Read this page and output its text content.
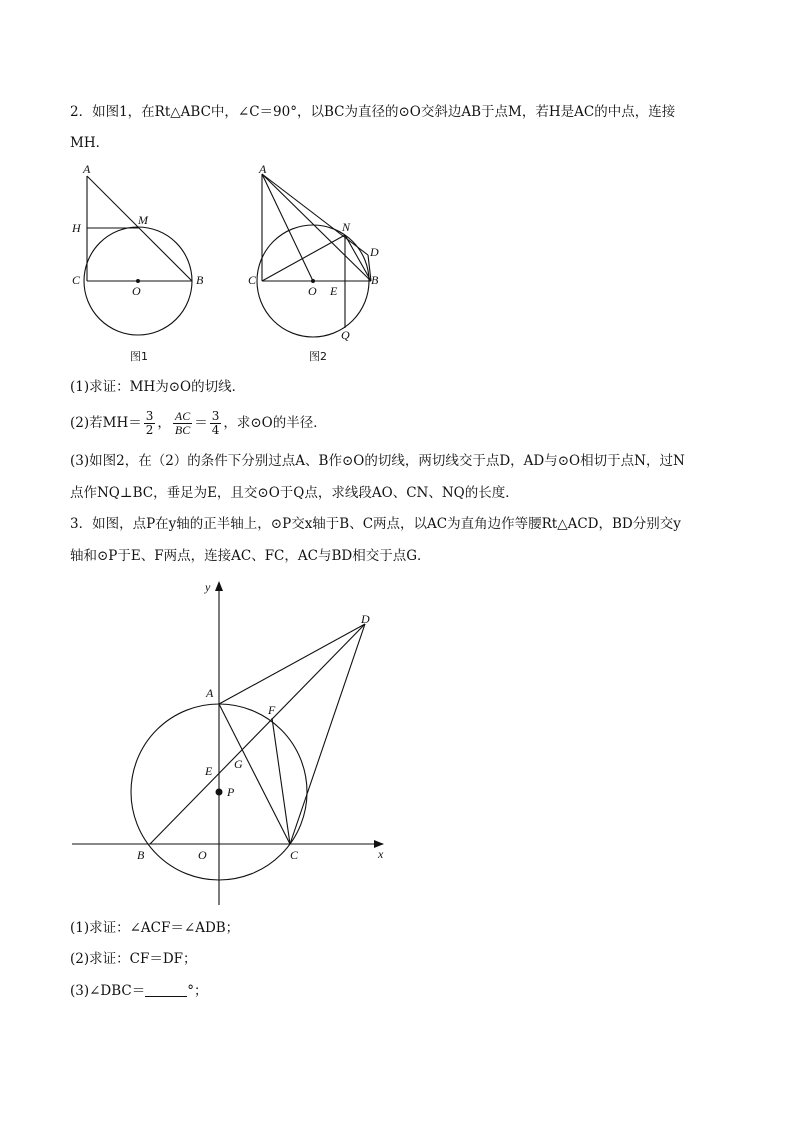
2．如图1，在Rt△ABC中，∠C＝90°，以BC为直径的⊙O交斜边AB于点M，若H是AC的中点，连接
MH．
A
H
M
C
O
B
图1
A
N
D
C
O E
B
Q
图2
(1)求证：MH为⊙O的切线．
(2)若$MH= \frac{3}{2}$ ， $\frac{AC}{BC} = \frac{3}{4}$ ，求⊙O的半径．
(3)如图2，在（2）的条件下分别过点A、B作⊙O的切线，两切线交于点D，AD与⊙O相切于点N，过N
点作NQ⊥BC，垂足为E，且交⊙O于Q点，求线段AO、CN、NQ的长度．
3．如图，点P在y轴的正半轴上，⊙P交x轴于B、C两点，以AC为直角边作等腰Rt△ACD，BD分别交y
轴和⊙P于E、F两点，连接AC、FC，AC与BD相交于点G．
y
x
D
A
F
E G
P
B	O	C
(1)求证：∠ACF＝∠ADB；
(2)求证：CF＝DF；
(3)∠DBC＝	°；
